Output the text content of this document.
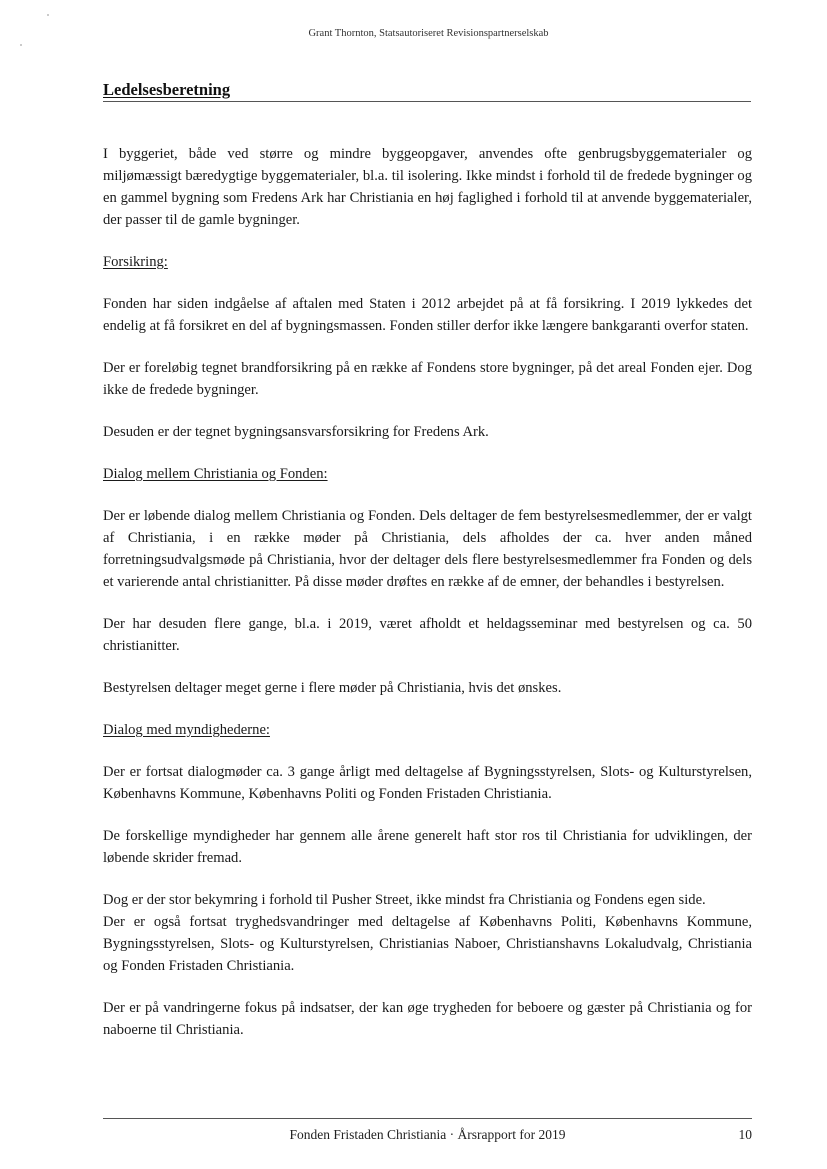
Grant Thornton, Statsautoriseret Revisionspartnerselskab
Ledelsesberetning

I byggeriet, både ved større og mindre byggeopgaver, anvendes ofte genbrugsbyggematerialer og miljømæssigt bæredygtige byggematerialer, bl.a. til isolering. Ikke mindst i forhold til de fredede bygninger og en gammel bygning som Fredens Ark har Christiania en høj faglighed i forhold til at anvende byggematerialer, der passer til de gamle bygninger.

Forsikring:

Fonden har siden indgåelse af aftalen med Staten i 2012 arbejdet på at få forsikring. I 2019 lykkedes det endelig at få forsikret en del af bygningsmassen. Fonden stiller derfor ikke længere bankgaranti overfor staten.

Der er foreløbig tegnet brandforsikring på en række af Fondens store bygninger, på det areal Fonden ejer. Dog ikke de fredede bygninger.

Desuden er der tegnet bygningsansvarsforsikring for Fredens Ark.

Dialog mellem Christiania og Fonden:

Der er løbende dialog mellem Christiania og Fonden. Dels deltager de fem bestyrelsesmedlemmer, der er valgt af Christiania, i en række møder på Christiania, dels afholdes der ca. hver anden måned forretningsudvalgsmøde på Christiania, hvor der deltager dels flere bestyrelsesmedlemmer fra Fonden og dels et varierende antal christianitter. På disse møder drøftes en række af de emner, der behandles i bestyrelsen.

Der har desuden flere gange, bl.a. i 2019, været afholdt et heldagsseminar med bestyrelsen og ca. 50 christianitter.

Bestyrelsen deltager meget gerne i flere møder på Christiania, hvis det ønskes.

Dialog med myndighederne:

Der er fortsat dialogmøder ca. 3 gange årligt med deltagelse af Bygningsstyrelsen, Slots- og Kulturstyrelsen, Københavns Kommune, Københavns Politi og Fonden Fristaden Christiania.

De forskellige myndigheder har gennem alle årene generelt haft stor ros til Christiania for udviklingen, der løbende skrider fremad.

Dog er der stor bekymring i forhold til Pusher Street, ikke mindst fra Christiania og Fondens egen side.

Der er også fortsat tryghedsvandringer med deltagelse af Københavns Politi, Københavns Kommune, Bygningsstyrelsen, Slots- og Kulturstyrelsen, Christianias Naboer, Christianshavns Lokaludvalg, Christiania og Fonden Fristaden Christiania.

Der er på vandringerne fokus på indsatser, der kan øge trygheden for beboere og gæster på Christiania og for naboerne til Christiania.

Fonden Fristaden Christiania · Årsrapport for 2019	10
